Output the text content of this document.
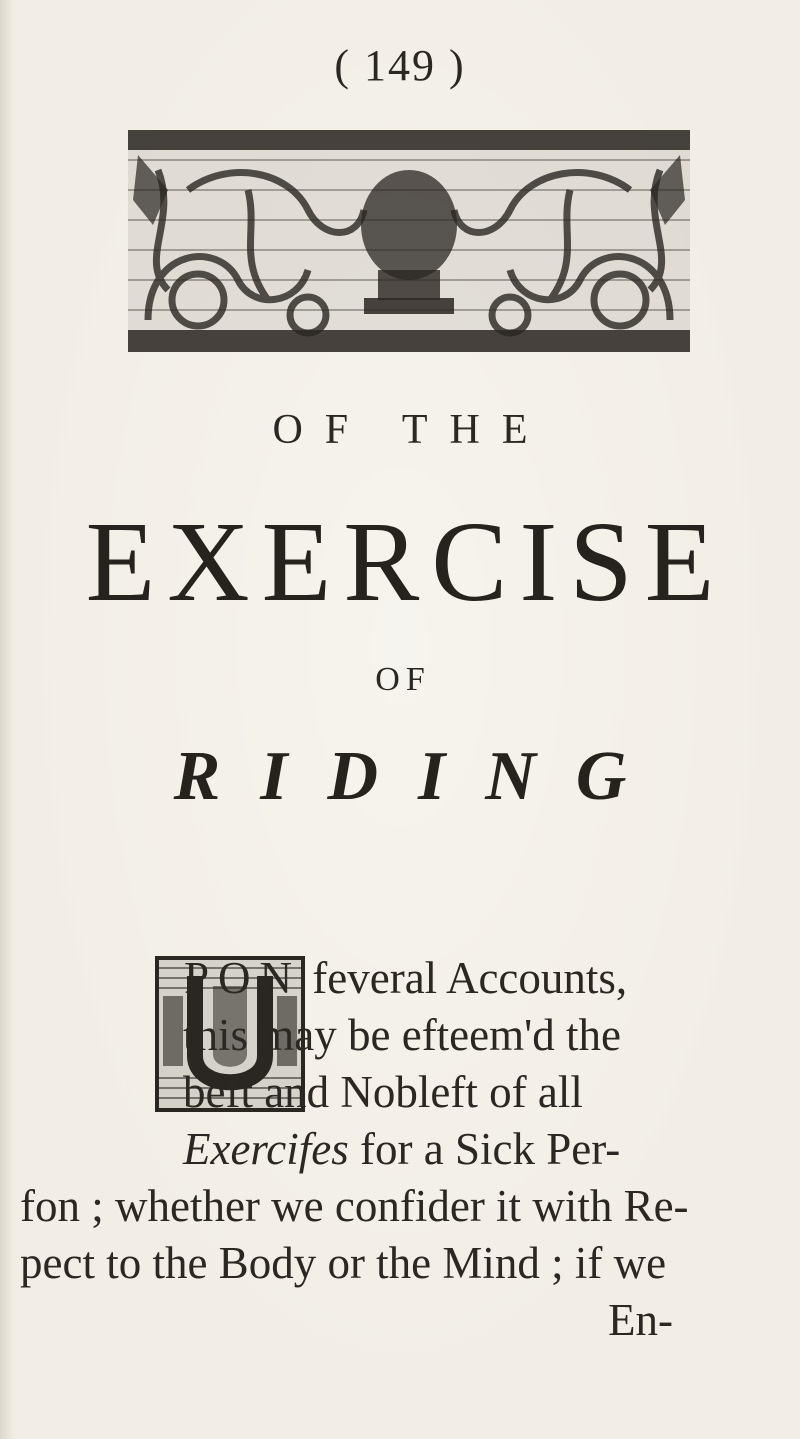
( 149 )
OF THE
EXERCISE
OF
RIDING
PON feveral Accounts,
this may be efteem'd the
beft and Nobleft of all
Exercifes for a Sick Per-
fon ; whether we confider it with Re-
pect to the Body or the Mind ; if we
En-
